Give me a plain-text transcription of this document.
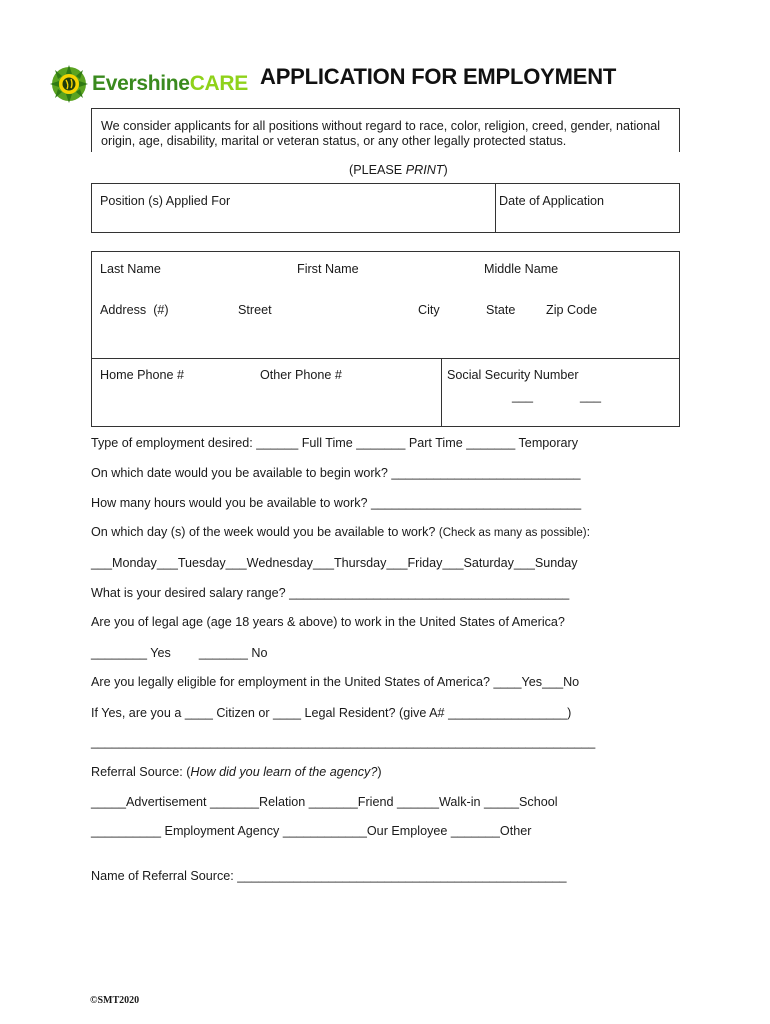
EvershineCARE APPLICATION FOR EMPLOYMENT

We consider applicants for all positions without regard to race, color, religion, creed, gender, national origin, age, disability, marital or veteran status, or any other legally protected status.

(PLEASE PRINT)
Position (s) Applied For	Date of Application
Last Name	First Name	Middle Name
Address  (#)	Street	City	State Zip Code
Home Phone #	Other Phone #	Social Security Number
___	___
Type of employment desired: ______ Full Time _______ Part Time _______ Temporary
On which date would you be available to begin work? ___________________________
How many hours would you be available to work? ______________________________
On which day (s) of the week would you be available to work? (Check as many as possible):
___Monday___Tuesday___Wednesday___Thursday___Friday___Saturday___Sunday
What is your desired salary range? ________________________________________
Are you of legal age (age 18 years & above) to work in the United States of America?
________ Yes        _______ No
Are you legally eligible for employment in the United States of America? ____Yes___No
If Yes, are you a ____ Citizen or ____ Legal Resident? (give A# _________________)
________________________________________________________________________
Referral Source: (How did you learn of the agency?)
_____Advertisement _______Relation _______Friend ______Walk-in _____School
__________ Employment Agency ____________Our Employee _______Other
Name of Referral Source: _______________________________________________
©SMT2020
